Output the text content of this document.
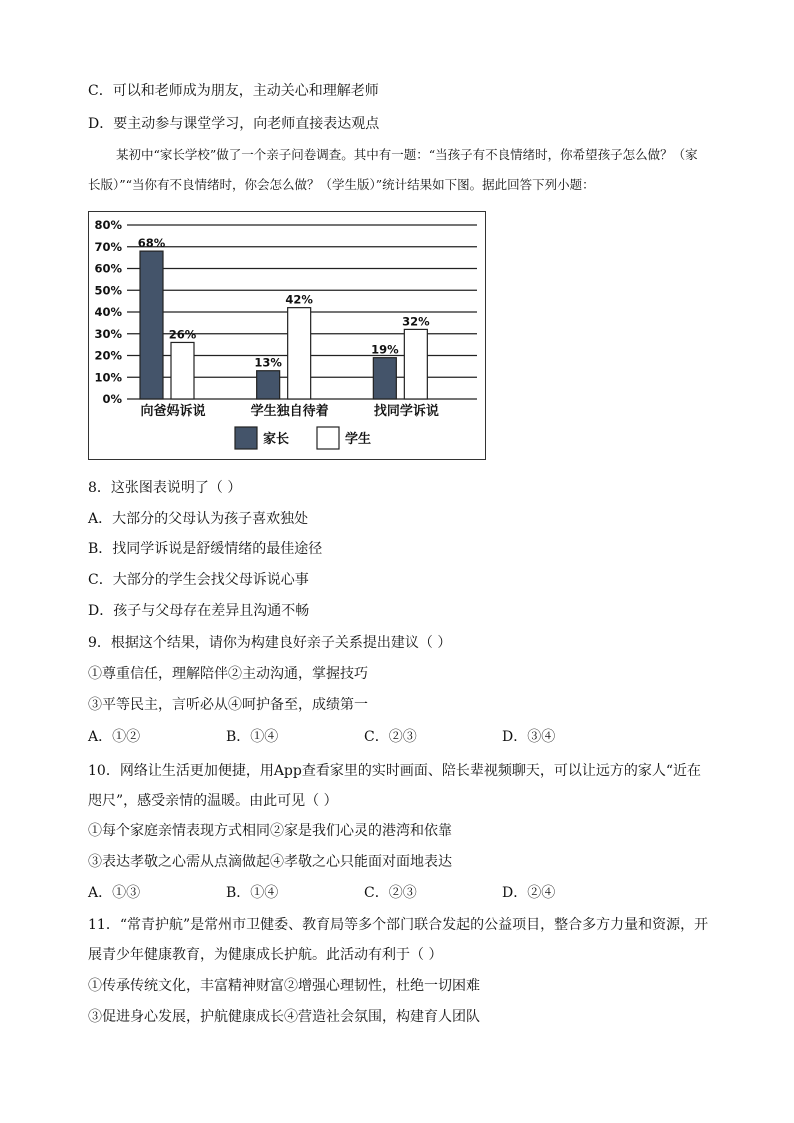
C．可以和老师成为朋友，主动关心和理解老师
D．要主动参与课堂学习，向老师直接表达观点
某初中“家长学校”做了一个亲子问卷调查。其中有一题：“当孩子有不良情绪时，你希望孩子怎么做？（家长版）”“当你有不良情绪时，你会怎么做？（学生版）”统计结果如下图。据此回答下列小题：
0%
10%
20%
30%
40%
50%
60%
70%
80%
68%
26%
13%
42%
19%
32%
向爸妈诉说	学生独自待着	找同学诉说
家长	学生
8．这张图表说明了（ ）
A．大部分的父母认为孩子喜欢独处
B．找同学诉说是舒缓情绪的最佳途径
C．大部分的学生会找父母诉说心事
D．孩子与父母存在差异且沟通不畅
9．根据这个结果，请你为构建良好亲子关系提出建议（ ）
①尊重信任，理解陪伴②主动沟通，掌握技巧
③平等民主，言听必从④呵护备至，成绩第一
A．①②	B．①④	C．②③	D．③④
10．网络让生活更加便捷，用App查看家里的实时画面、陪长辈视频聊天，可以让远方的家人“近在咫尺”，感受亲情的温暖。由此可见（ ）
①每个家庭亲情表现方式相同②家是我们心灵的港湾和依靠
③表达孝敬之心需从点滴做起④孝敬之心只能面对面地表达
A．①③	B．①④	C．②③	D．②④
11．“常青护航”是常州市卫健委、教育局等多个部门联合发起的公益项目，整合多方力量和资源，开展青少年健康教育，为健康成长护航。此活动有利于（ ）
①传承传统文化，丰富精神财富②增强心理韧性，杜绝一切困难
③促进身心发展，护航健康成长④营造社会氛围，构建育人团队
